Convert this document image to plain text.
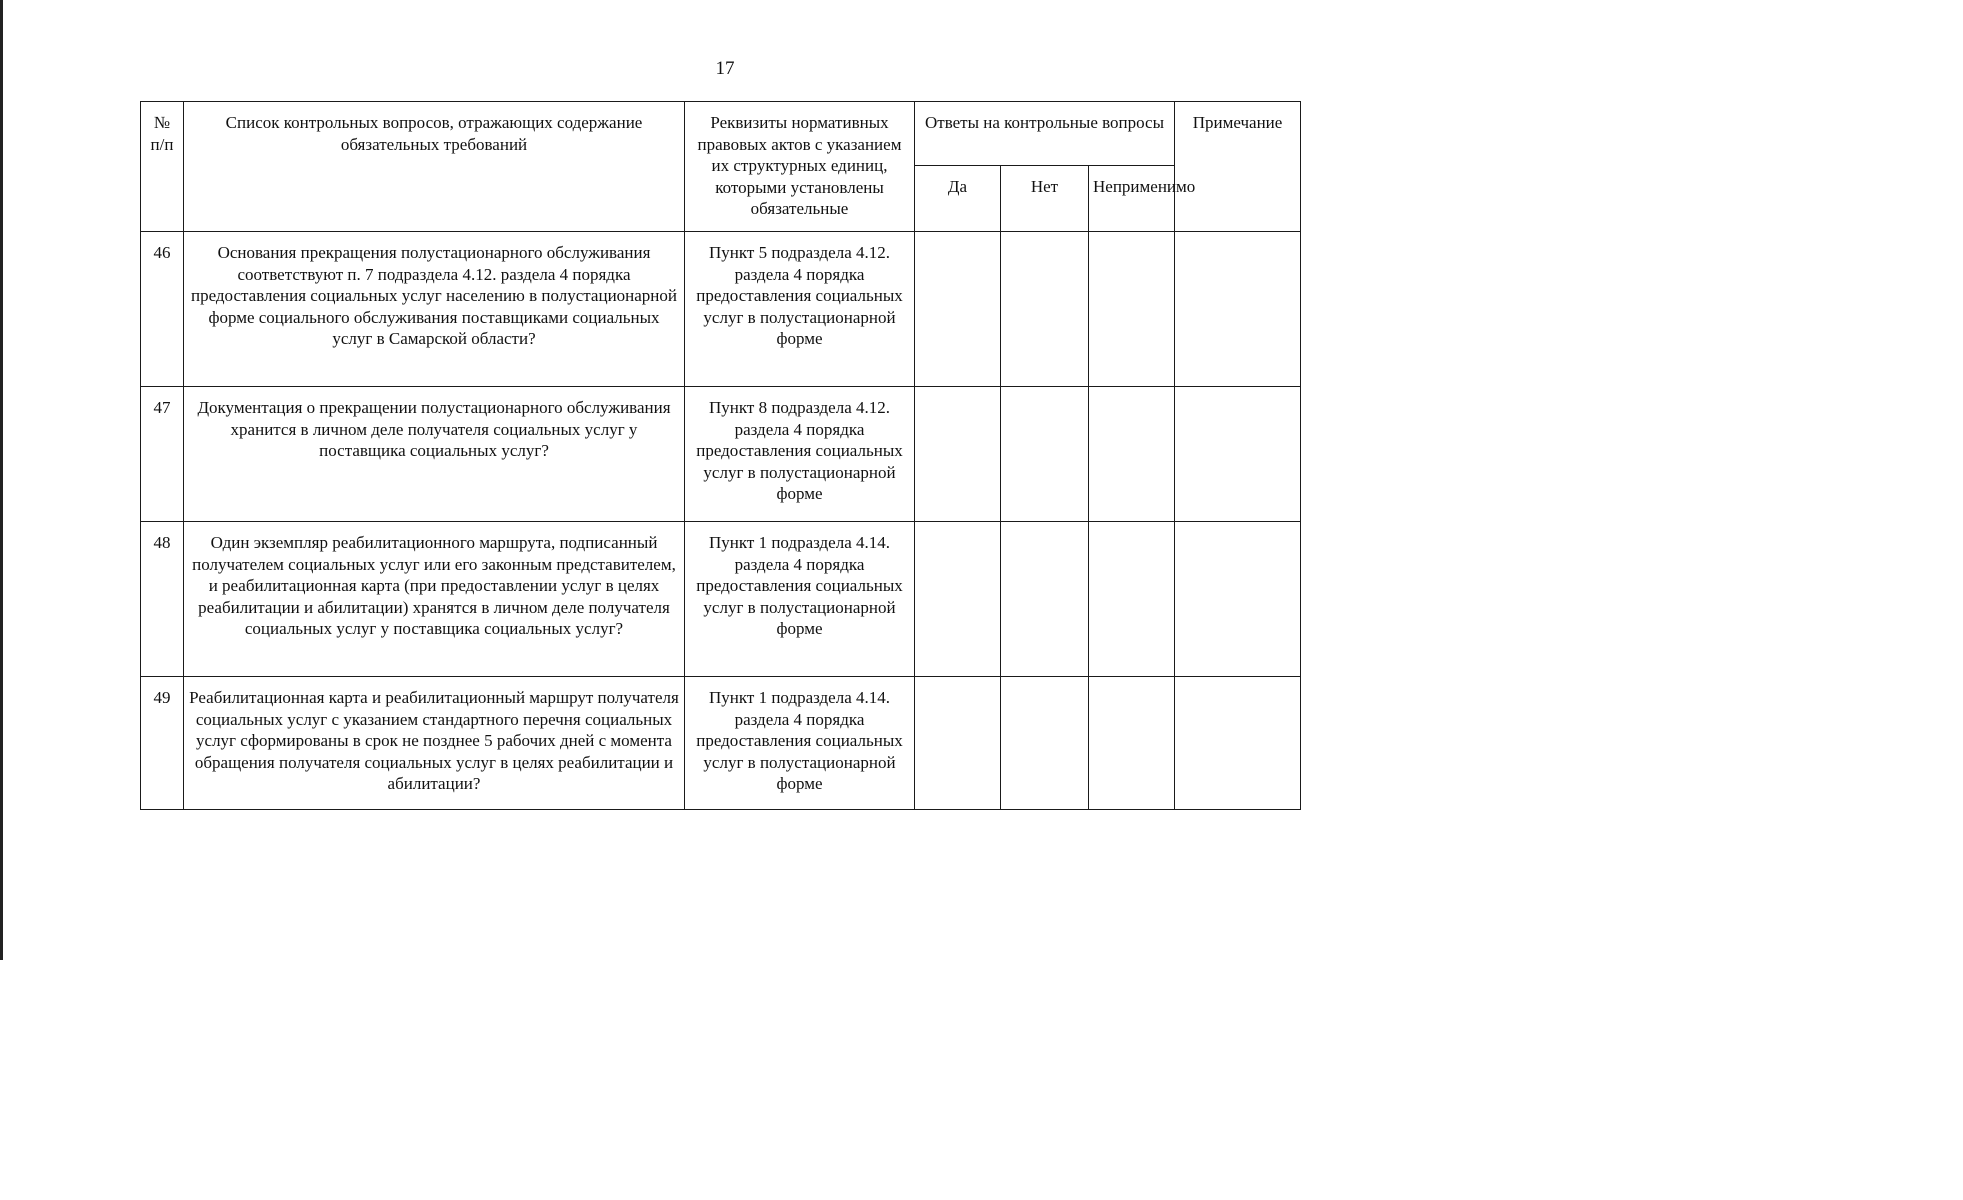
17
№ п/п	Список контрольных вопросов, отражающих содержание обязательных требований	Реквизиты нормативных правовых актов с указанием их структурных единиц, которыми установлены обязательные	Ответы на контрольные вопросы			Примечание
			Да	Нет	Неприменимо	
46	Основания прекращения полустационарного обслуживания соответствуют п. 7 подраздела 4.12. раздела 4 порядка предоставления социальных услуг населению в полустационарной форме социального обслуживания поставщиками социальных услуг в Самарской области?	Пункт 5 подраздела 4.12. раздела 4 порядка предоставления социальных услуг в полустационарной форме				
47	Документация о прекращении полустационарного обслуживания хранится в личном деле получателя социальных услуг у поставщика социальных услуг?	Пункт 8 подраздела 4.12. раздела 4 порядка предоставления социальных услуг в полустационарной форме				
48	Один экземпляр реабилитационного маршрута, подписанный получателем социальных услуг или его законным представителем, и реабилитационная карта (при предоставлении услуг в целях реабилитации и абилитации) хранятся в личном деле получателя социальных услуг у поставщика социальных услуг?	Пункт 1 подраздела 4.14. раздела 4 порядка предоставления социальных услуг в полустационарной форме				
49	Реабилитационная карта и реабилитационный маршрут получателя социальных услуг с указанием стандартного перечня социальных услуг сформированы в срок не позднее 5 рабочих дней с момента обращения получателя социальных услуг в целях реабилитации и абилитации?	Пункт 1 подраздела 4.14. раздела 4 порядка предоставления социальных услуг в полустационарной форме				
